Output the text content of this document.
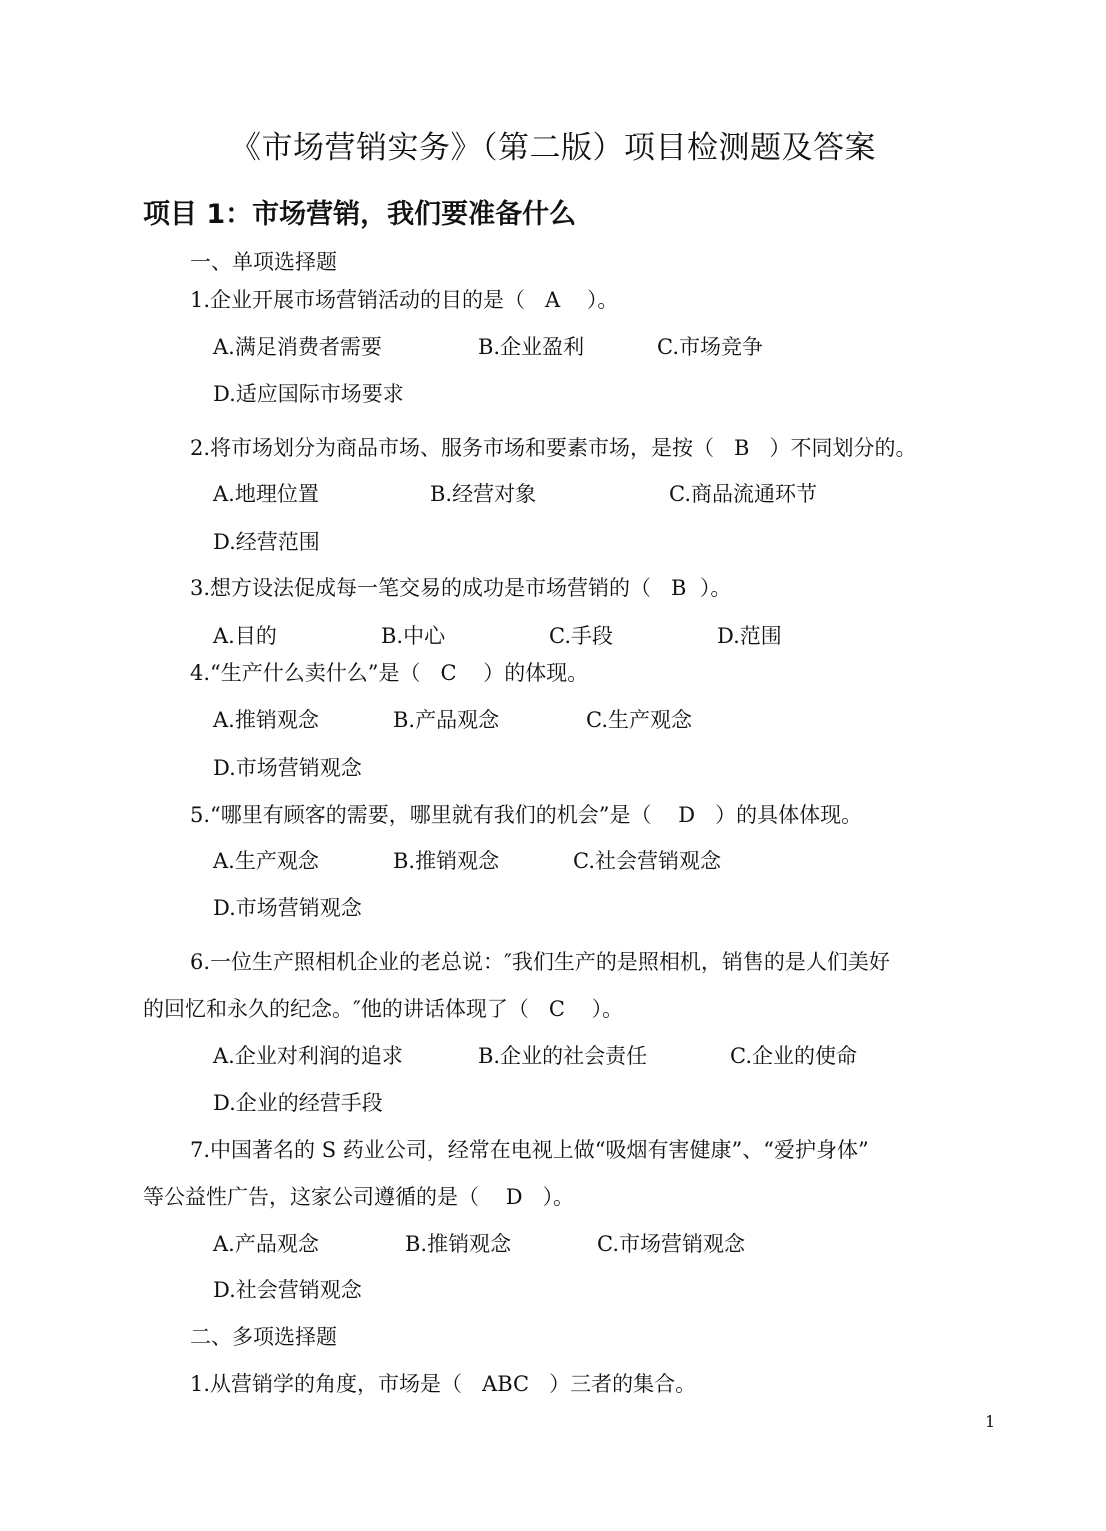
《市场营销实务》（第二版）项目检测题及答案
项目 1：市场营销，我们要准备什么
一、单项选择题
1.企业开展市场营销活动的目的是（   A    ）。
A.满足消费者需要	B.企业盈利	C.市场竞争
D.适应国际市场要求
2.将市场划分为商品市场、服务市场和要素市场，是按（   B   ）不同划分的。
A.地理位置	B.经营对象	C.商品流通环节
D.经营范围
3.想方设法促成每一笔交易的成功是市场营销的（   B  ）。
A.目的	B.中心	C.手段	D.范围
4.“生产什么卖什么”是（   C    ）的体现。
A.推销观念	B.产品观念	C.生产观念
D.市场营销观念
5.“哪里有顾客的需要，哪里就有我们的机会”是（    D   ）的具体体现。
A.生产观念	B.推销观念	C.社会营销观念
D.市场营销观念
6.一位生产照相机企业的老总说：″我们生产的是照相机，销售的是人们美好
的回忆和永久的纪念。″他的讲话体现了（   C    ）。
A.企业对利润的追求	B.企业的社会责任	C.企业的使命
D.企业的经营手段
7.中国著名的 S 药业公司，经常在电视上做“吸烟有害健康”、“爱护身体”
等公益性广告，这家公司遵循的是（    D   ）。
A.产品观念	B.推销观念	C.市场营销观念
D.社会营销观念
二、多项选择题
1.从营销学的角度，市场是（   ABC   ）三者的集合。
1
